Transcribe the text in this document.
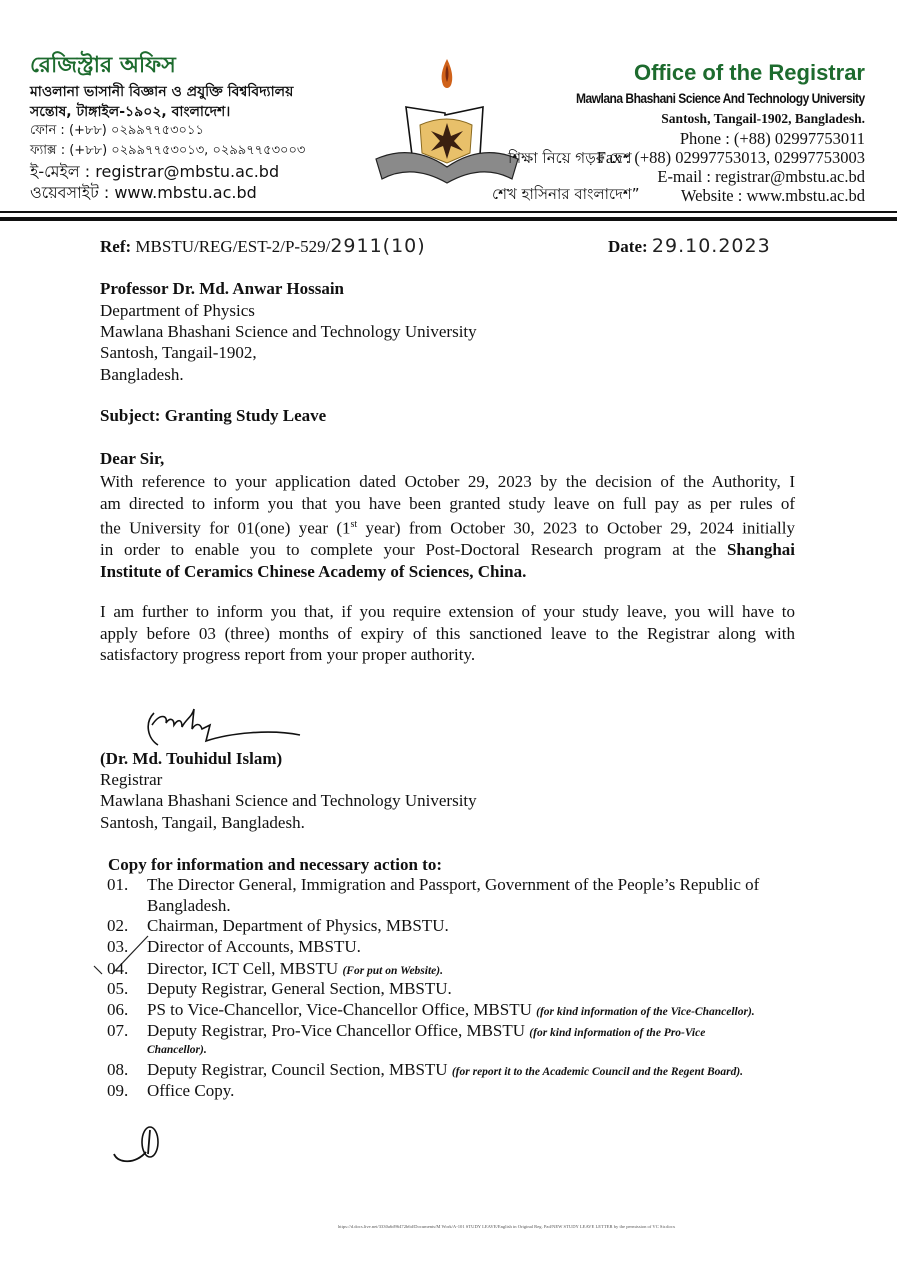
রেজিস্ট্রার অফিস
মাওলানা ভাসানী বিজ্ঞান ও প্রযুক্তি বিশ্ববিদ্যালয়
সন্তোষ, টাঙ্গাইল-১৯০২, বাংলাদেশ।
ফোন : (+৮৮) ০২৯৯৭৭৫৩০১১
ফ্যাক্স : (+৮৮) ০২৯৯৭৭৫৩০১৩, ০২৯৯৭৭৫৩০০৩
ই-মেইল : registrar@mbstu.ac.bd
ওয়েবসাইট : www.mbstu.ac.bd
শিক্ষা নিয়ে গড়ব দেশ
শেখ হাসিনার বাংলাদেশ”
Office of the Registrar
Mawlana Bhashani Science And Technology University
Santosh, Tangail-1902, Bangladesh.
Phone : (+88) 02997753011
Fax : (+88) 02997753013, 02997753003
E-mail : registrar@mbstu.ac.bd
Website : www.mbstu.ac.bd
Ref: MBSTU/REG/EST-2/P-529/2911(10)	Date: 29.10.2023
Professor Dr. Md. Anwar Hossain
Department of Physics
Mawlana Bhashani Science and Technology University
Santosh, Tangail-1902,
Bangladesh.
Subject: Granting Study Leave
Dear Sir,
With reference to your application dated October 29, 2023 by the decision of the Authority, I
am directed to inform you that you have been granted study leave on full pay as per rules of
the University for 01(one) year (1st year) from October 30, 2023 to October 29, 2024 initially
in order to enable you to complete your Post-Doctoral Research program at the Shanghai
Institute of Ceramics Chinese Academy of Sciences, China.
I am further to inform you that, if you require extension of your study leave, you will have to
apply before 03 (three) months of expiry of this sanctioned leave to the Registrar along with
satisfactory progress report from your proper authority.
(Dr. Md. Touhidul Islam)
Registrar
Mawlana Bhashani Science and Technology University
Santosh, Tangail, Bangladesh.
Copy for information and necessary action to:
01. The Director General, Immigration and Passport, Government of the People’s Republic of
Bangladesh.
02. Chairman, Department of Physics, MBSTU.
03. Director of Accounts, MBSTU.
04. Director, ICT Cell, MBSTU (For put on Website).
05. Deputy Registrar, General Section, MBSTU.
06. PS to Vice-Chancellor, Vice-Chancellor Office, MBSTU (for kind information of the Vice-Chancellor).
07. Deputy Registrar, Pro-Vice Chancellor Office, MBSTU (for kind information of the Pro-Vice
Chancellor).
08. Deputy Registrar, Council Section, MBSTU (for report it to the Academic Council and the Regent Board).
09. Office Copy.
https://d.docs.live.net/3330a6d96472b6d/Documents/M Work/A-101 STUDY LEAVE/English in Original Reg. Pad/NEW STUDY LEAVE LETTER by the permission of VC Sir.docx
